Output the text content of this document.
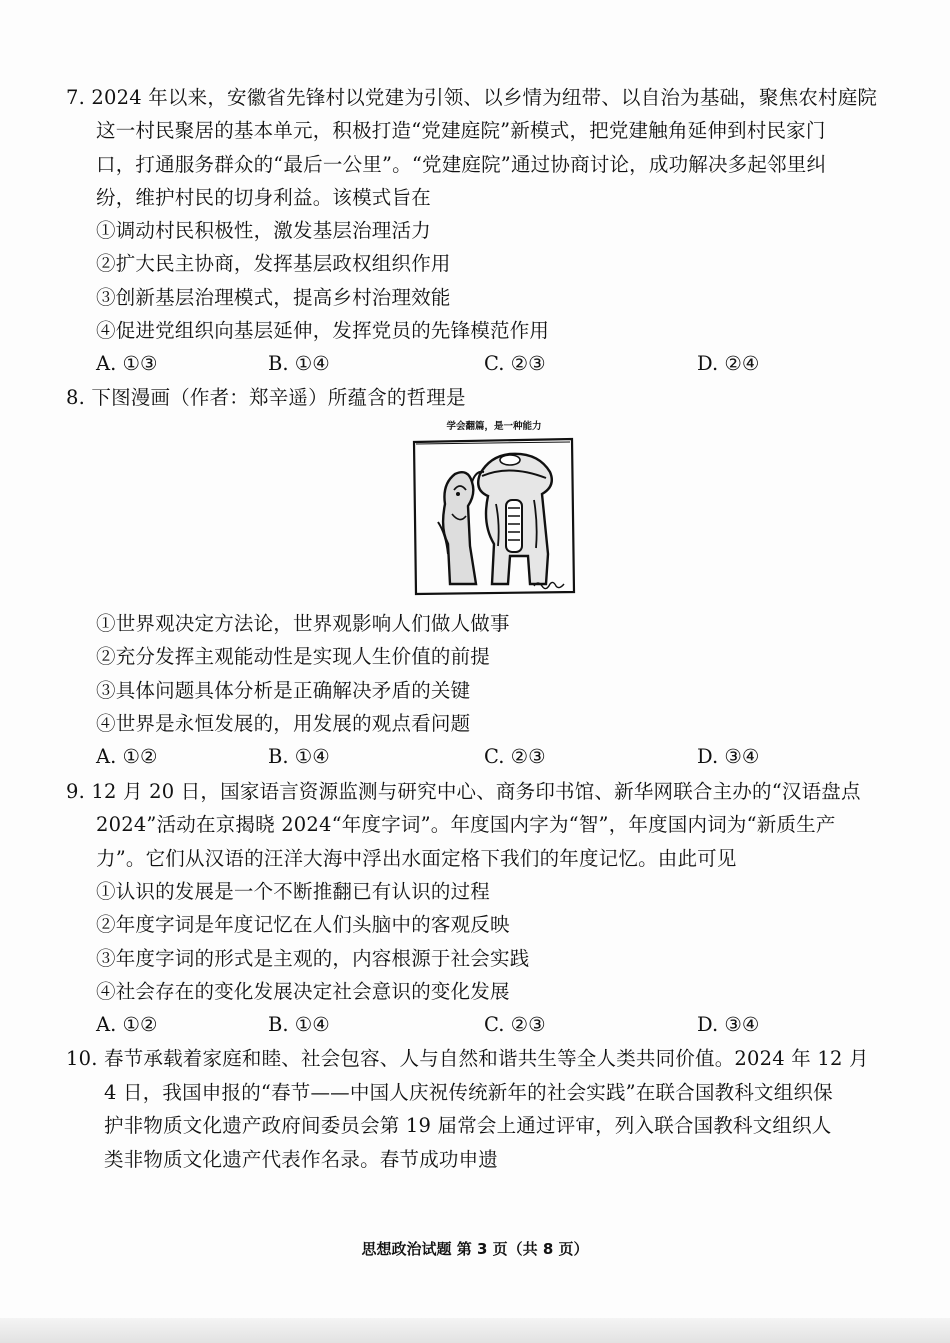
7. 2024 年以来，安徽省先锋村以党建为引领、以乡情为纽带、以自治为基础，聚焦农村庭院
这一村民聚居的基本单元，积极打造“党建庭院”新模式，把党建触角延伸到村民家门
口，打通服务群众的“最后一公里”。“党建庭院”通过协商讨论，成功解决多起邻里纠
纷，维护村民的切身利益。该模式旨在
①调动村民积极性，激发基层治理活力
②扩大民主协商，发挥基层政权组织作用
③创新基层治理模式，提高乡村治理效能
④促进党组织向基层延伸，发挥党员的先锋模范作用
A. ①③	B. ①④	C. ②③	D. ②④
8. 下图漫画（作者：郑辛遥）所蕴含的哲理是
学会翻篇，是一种能力
①世界观决定方法论，世界观影响人们做人做事
②充分发挥主观能动性是实现人生价值的前提
③具体问题具体分析是正确解决矛盾的关键
④世界是永恒发展的，用发展的观点看问题
A. ①②	B. ①④	C. ②③	D. ③④
9. 12 月 20 日，国家语言资源监测与研究中心、商务印书馆、新华网联合主办的“汉语盘点
2024”活动在京揭晓 2024“年度字词”。年度国内字为“智”，年度国内词为“新质生产
力”。它们从汉语的汪洋大海中浮出水面定格下我们的年度记忆。由此可见
①认识的发展是一个不断推翻已有认识的过程
②年度字词是年度记忆在人们头脑中的客观反映
③年度字词的形式是主观的，内容根源于社会实践
④社会存在的变化发展决定社会意识的变化发展
A. ①②	B. ①④	C. ②③	D. ③④
10. 春节承载着家庭和睦、社会包容、人与自然和谐共生等全人类共同价值。2024 年 12 月
4 日，我国申报的“春节——中国人庆祝传统新年的社会实践”在联合国教科文组织保
护非物质文化遗产政府间委员会第 19 届常会上通过评审，列入联合国教科文组织人
类非物质文化遗产代表作名录。春节成功申遗
思想政治试题 第 3 页（共 8 页）
